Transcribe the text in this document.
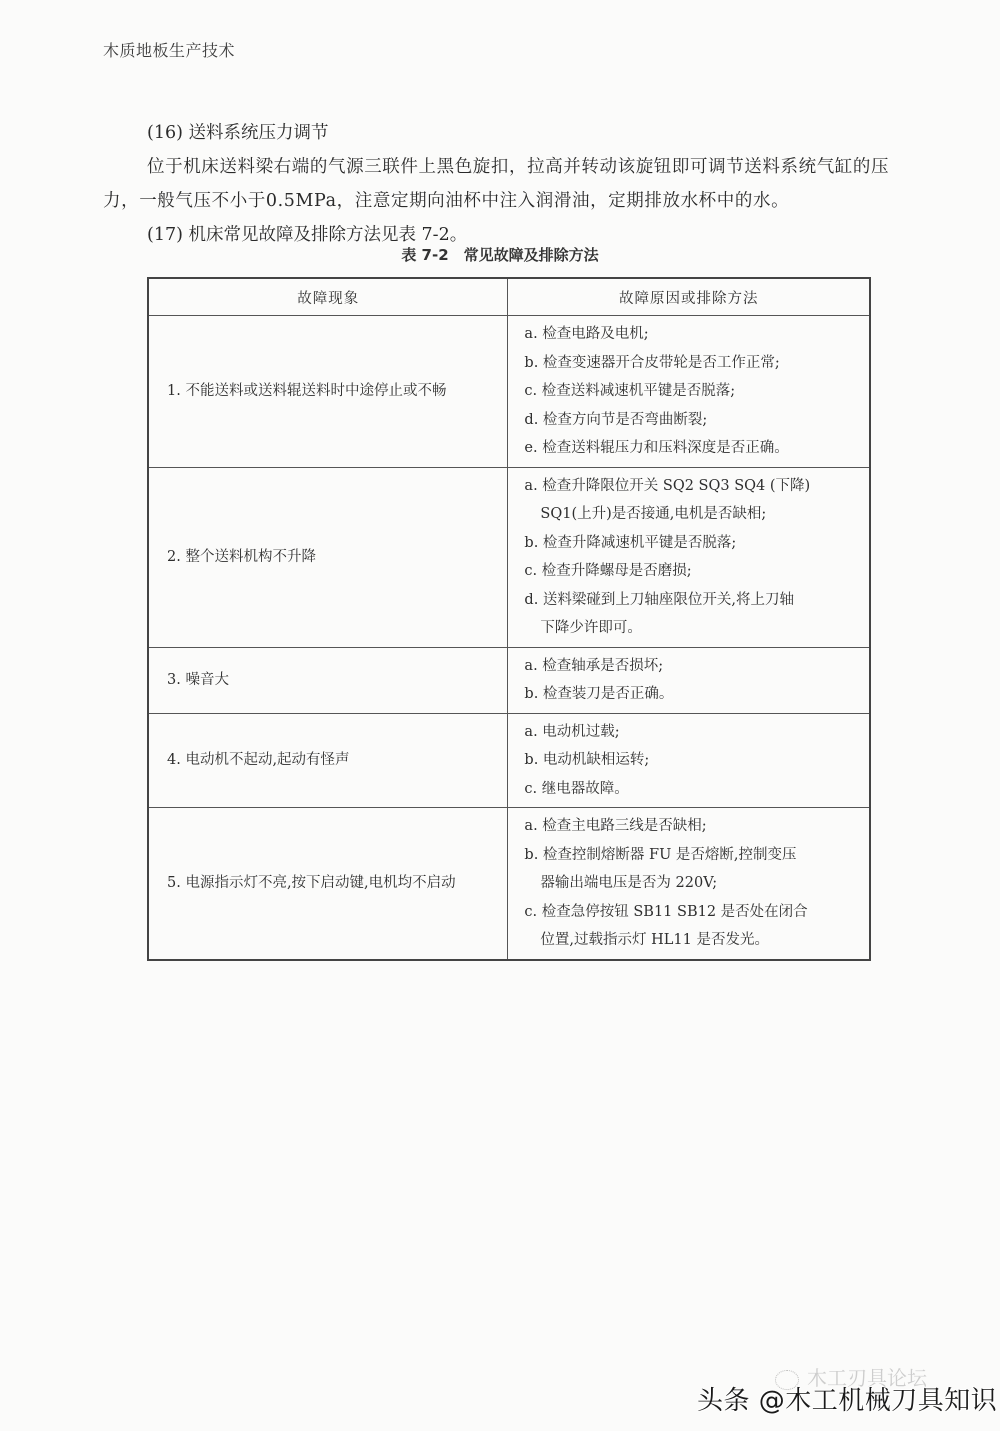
木质地板生产技术
(16) 送料系统压力调节
位于机床送料梁右端的气源三联件上黑色旋扣，拉高并转动该旋钮即可调节送料系统气缸的压力，一般气压不小于0.5MPa，注意定期向油杯中注入润滑油，定期排放水杯中的水。
(17) 机床常见故障及排除方法见表 7-2。
表 7-2　常见故障及排除方法
故障现象	故障原因或排除方法
1. 不能送料或送料辊送料时中途停止或不畅	a. 检查电路及电机;
b. 检查变速器开合皮带轮是否工作正常;
c. 检查送料减速机平键是否脱落;
d. 检查方向节是否弯曲断裂;
e. 检查送料辊压力和压料深度是否正确。

2. 整个送料机构不升降	
a. 检查升降限位开关 SQ2 SQ3 SQ4 (下降)
SQ1(上升)是否接通,电机是否缺相;
b. 检查升降减速机平键是否脱落;
c. 检查升降螺母是否磨损;
d. 送料梁碰到上刀轴座限位开关,将上刀轴
下降少许即可。

3. 噪音大	a. 检查轴承是否损坏;
b. 检查装刀是否正确。

4. 电动机不起动,起动有怪声	a. 电动机过载;
b. 电动机缺相运转;
c. 继电器故障。

5. 电源指示灯不亮,按下启动键,电机均不启动	a. 检查主电路三线是否缺相;
b. 检查控制熔断器 FU 是否熔断,控制变压
器输出端电压是否为 220V;
c. 检查急停按钮 SB11 SB12 是否处在闭合
位置,过载指示灯 HL11 是否发光。
木工刃具论坛
头条 @木工机械刀具知识
